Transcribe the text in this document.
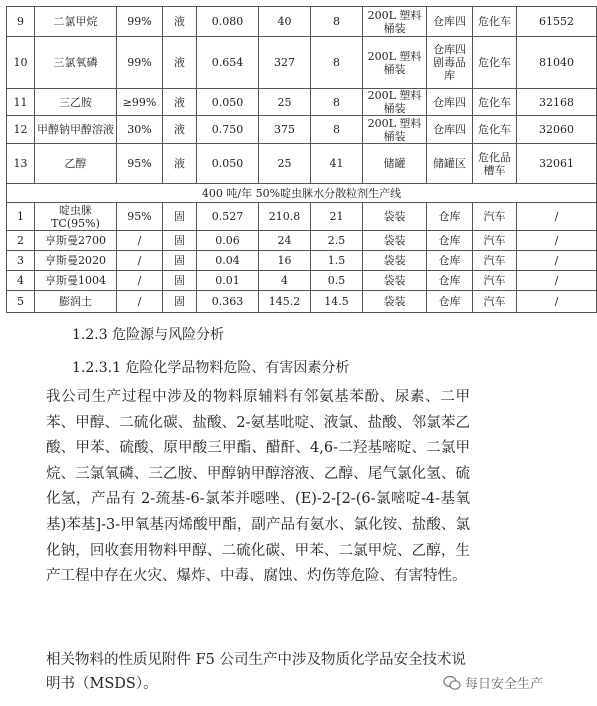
9	二氯甲烷	99%	液	0.080	40	8	200L 塑料桶装	仓库四	危化车	61552
10	三氯氧磷	99%	液	0.654	327	8	200L 塑料桶装	仓库四剧毒品库	危化车	81040
11	三乙胺	≥99%	液	0.050	25	8	200L 塑料桶装	仓库四	危化车	32168
12	甲醇钠甲醇溶液	30%	液	0.750	375	8	200L 塑料桶装	仓库四	危化车	32060
13	乙醇	95%	液	0.050	25	41	储罐	储罐区	危化品槽车	32061
400 吨/年 50%啶虫脒水分散粒剂生产线										
1	啶虫脒 TC(95%)	95%	固	0.527	210.8	21	袋装	仓库	汽车	/
2	亨斯曼2700	/	固	0.06	24	2.5	袋装	仓库	汽车	/
3	亨斯曼2020	/	固	0.04	16	1.5	袋装	仓库	汽车	/
4	亨斯曼1004	/	固	0.01	4	0.5	袋装	仓库	汽车	/
5	膨润土	/	固	0.363	145.2	14.5	袋装	仓库	汽车	/
1.2.3 危险源与风险分析
1.2.3.1 危险化学品物料危险、有害因素分析

我公司生产过程中涉及的物料原辅料有邻氨基苯酚、尿素、二甲苯、甲醇、二硫化碳、盐酸、2-氨基吡啶、液氯、盐酸、邻氯苯乙酸、甲苯、硫酸、原甲酸三甲酯、醋酐、4,6-二羟基嘧啶、二氯甲烷、三氯氧磷、三乙胺、甲醇钠甲醇溶液、乙醇、尾气氯化氢、硫化氢，产品有 2-巯基-6-氯苯并噁唑、(E)-2-[2-(6-氯嘧啶-4-基氧基)苯基]-3-甲氧基丙烯酸甲酯，副产品有氨水、氯化铵、盐酸、氯化钠，回收套用物料甲醇、二硫化碳、甲苯、二氯甲烷、乙醇，生产工程中存在火灾、爆炸、中毒、腐蚀、灼伤等危险、有害特性。

相关物料的性质见附件 F5 公司生产中涉及物质化学品安全技术说明书（MSDS）。	每日安全生产
